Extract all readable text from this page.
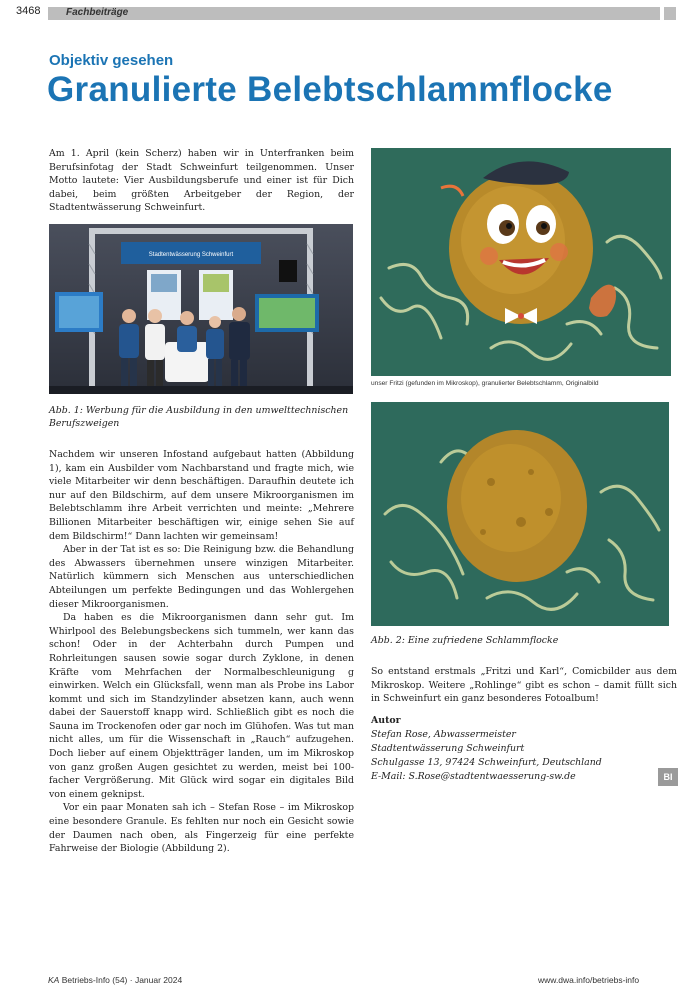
3468	Fachbeiträge
Objektiv gesehen
Granulierte Belebtschlammflocke

Am 1. April (kein Scherz) haben wir in Unterfranken beim Berufsinfotag der Stadt Schweinfurt teilgenommen. Unser Motto lautete: Vier Ausbildungsberufe und einer ist für Dich dabei, beim größten Arbeitgeber der Region, der Stadtentwässerung Schweinfurt.

Stadtentwässerung Schweinfurt
Abb. 1: Werbung für die Ausbildung in den umwelttechnischen Berufszweigen

Nachdem wir unseren Infostand aufgebaut hatten (Abbildung 1), kam ein Ausbilder vom Nachbarstand und fragte mich, wie viele Mitarbeiter wir denn beschäftigen. Daraufhin deutete ich nur auf den Bildschirm, auf dem unsere Mikroorganismen im Belebtschlamm ihre Arbeit verrichten und meinte: „Mehrere Billionen Mitarbeiter beschäftigen wir, einige sehen Sie auf dem Bildschirm!“ Dann lachten wir gemeinsam!

Aber in der Tat ist es so: Die Reinigung bzw. die Behandlung des Abwassers übernehmen unsere winzigen Mitarbeiter. Natürlich kümmern sich Menschen aus unterschiedlichen Abteilungen um perfekte Bedingungen und das Wohlergehen dieser Mikroorganismen.

Da haben es die Mikroorganismen dann sehr gut. Im Whirlpool des Belebungsbeckens sich tummeln, wer kann das schon! Oder in der Achterbahn durch Pumpen und Rohrleitungen sausen sowie sogar durch Zyklone, in denen Kräfte vom Mehrfachen der Normalbeschleunigung g einwirken. Welch ein Glücksfall, wenn man als Probe ins Labor kommt und sich im Standzylinder absetzen kann, auch wenn dabei der Sauerstoff knapp wird. Schließlich gibt es noch die Sauna im Trockenofen oder gar noch im Glühofen. Was tut man nicht alles, um für die Wissenschaft in „Rauch“ aufzugehen. Doch lieber auf einem Objektträger landen, um im Mikroskop von ganz großen Augen gesichtet zu werden, meist bei 100-facher Vergrößerung. Mit Glück wird sogar ein digitales Bild von einem geknipst.

Vor ein paar Monaten sah ich – Stefan Rose – im Mikroskop eine besondere Granule. Es fehlten nur noch ein Gesicht sowie der Daumen nach oben, als Fingerzeig für eine perfekte Fahrweise der Biologie (Abbildung 2).

unser Fritzi (gefunden im Mikroskop), granulierter Belebtschlamm, Originalbild
Abb. 2: Eine zufriedene Schlammflocke

So entstand erstmals „Fritzi und Karl“, Comicbilder aus dem Mikroskop. Weitere „Rohlinge“ gibt es schon – damit füllt sich in Schweinfurt ein ganz besonderes Fotoalbum!

Autor
Stefan Rose, Abwassermeister
Stadtentwässerung Schweinfurt
Schulgasse 13, 97424 Schweinfurt, Deutschland
E-Mail: S.Rose@stadtentwaesserung-sw.de	BI
KA Betriebs-Info (54) · Januar 2024	www.dwa.info/betriebs-info
